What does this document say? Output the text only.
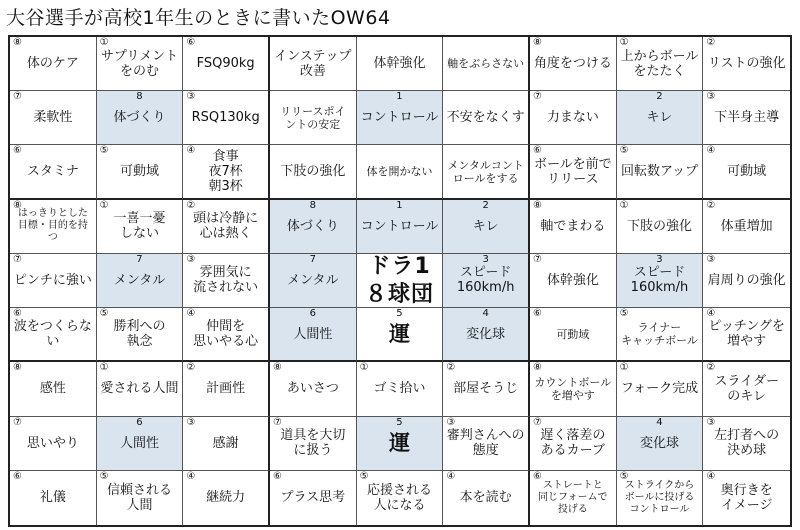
大谷選手が高校1年生のときに書いたOW64
⑧
体のケア
①
サプリメント
をのむ
⑥
FSQ90kg インステップ
改善	体幹強化 軸をぶらさない
⑧
角度をつける
①
上からボール
をたたく
②
リストの強化
⑦
柔軟性
8
体づくり
③
RSQ130kg リリースポイ
ントの安定
1
コントロール 不安をなくす
⑦
力まない
2
キレ
③
下半身主導
⑥
スタミナ
⑤
可動域
④	食事
夜7杯
朝3杯
下肢の強化 体を開かない メンタルコント
ロールをする
⑥
ボールを前で
リリース
⑤
回転数アップ
④
可動域
⑧
はっきりとした
目標・目的を持つ
①
一喜一憂
しない
②
頭は冷静に
心は熱く
8
体づくり
1
コントロール
2
キレ
⑧
軸でまわる
①
下肢の強化
②
体重増加
⑦
ピンチに強い
7
メンタル
③
雰囲気に
流されない
7
メンタル
ドラ1
８球団
3
スピード
160km/h
⑦
体幹強化
3
スピード
160km/h
③
肩周りの強化
⑥
波をつくらない
⑤
勝利への
執念
④
仲間を
思いやる心
6
人間性
5
運
4
変化球
⑥
可動域
⑤
ライナー
キャッチボール
④
ピッチングを
増やす
⑧
感性
①
愛される人間
②
計画性
⑧
あいさつ
①
ゴミ拾い
②
部屋そうじ
⑧
カウントボール
を増やす
①
フォーク完成
②
スライダー
のキレ
⑦
思いやり
6
人間性
③
感謝
⑦
道具を大切
に扱う
5
運
③
審判さんへの
態度
⑦
遅く落差の
あるカーブ
4
変化球
③
左打者への
決め球
⑥
礼儀
⑤
信頼される
人間
④
継続力
⑥
プラス思考
⑤
応援される
人になる
④
本を読む
⑥
ストレートと
同じフォームで
投げる
⑤
ストライクから
ボールに投げる
コントロール
④
奥行きを
イメージ
